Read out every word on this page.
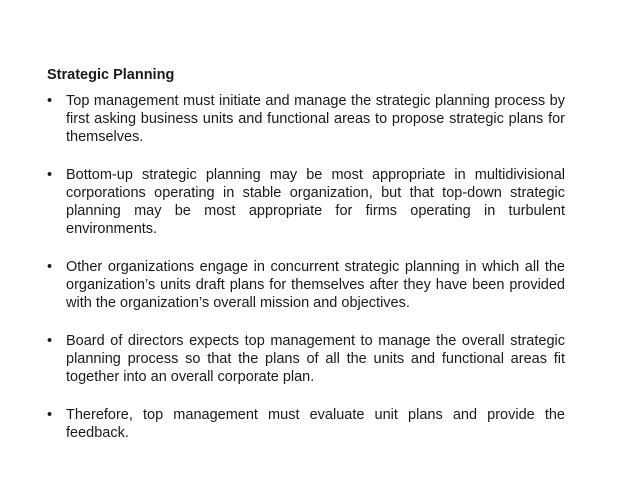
Strategic Planning
• Top management must initiate and manage the strategic planning process by first asking business units and functional areas to propose strategic plans for themselves.
• Bottom-up strategic planning may be most appropriate in multidivisional corporations operating in stable organization, but that top-down strategic planning may be most appropriate for firms operating in turbulent environments.
• Other organizations engage in concurrent strategic planning in which all the organization’s units draft plans for themselves after they have been provided with the organization’s overall mission and objectives.
• Board of directors expects top management to manage the overall strategic planning process so that the plans of all the units and functional areas fit together into an overall corporate plan.
• Therefore, top management must evaluate unit plans and provide the feedback.
